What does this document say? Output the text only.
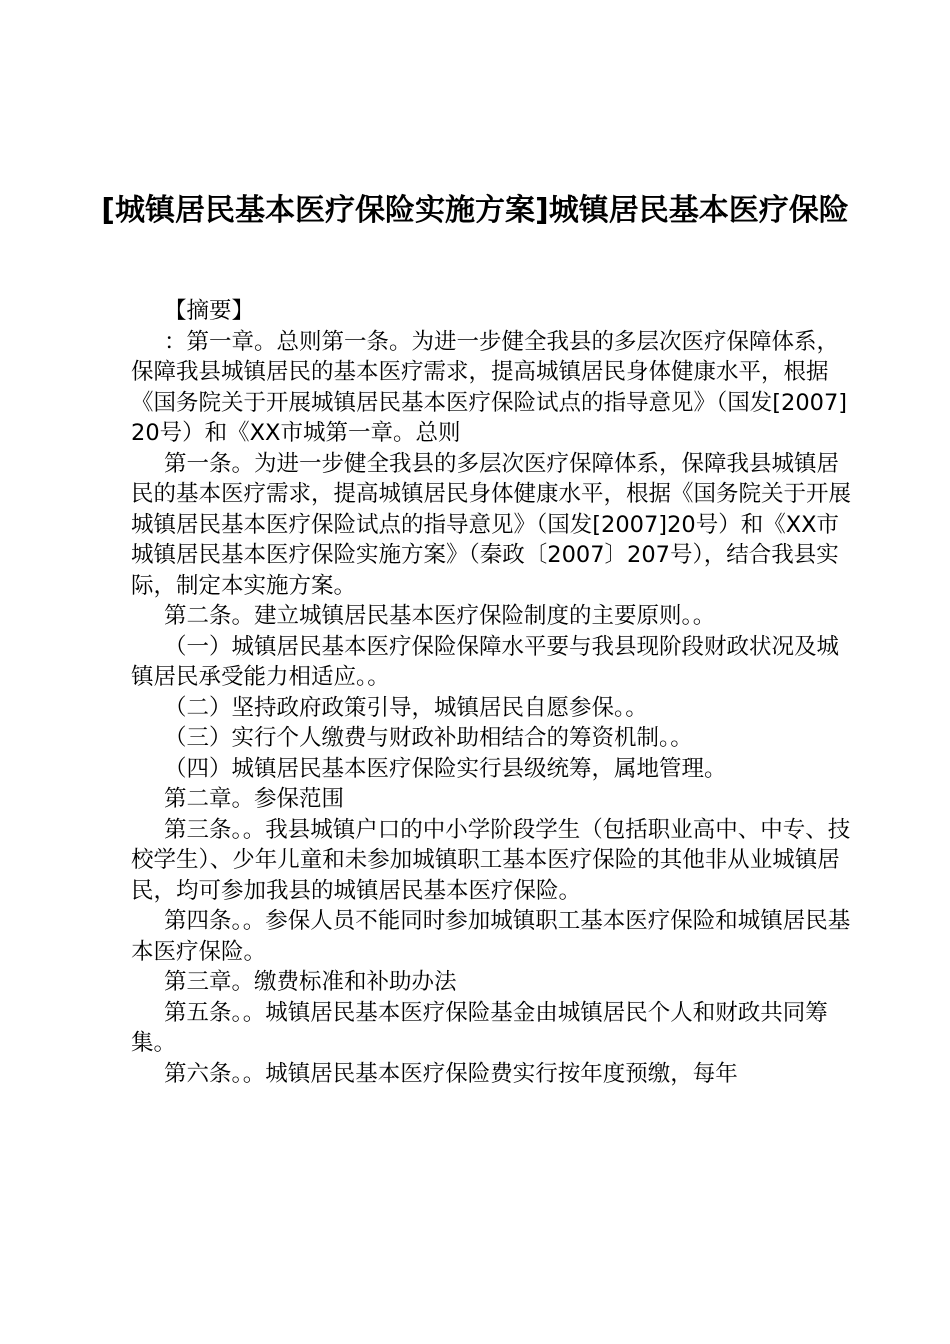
[城镇居民基本医疗保险实施方案]城镇居民基本医疗保险

【摘要】

：第一章。总则第一条。为进一步健全我县的多层次医疗保障体系，保障我县城镇居民的基本医疗需求，提高城镇居民身体健康水平，根据《国务院关于开展城镇居民基本医疗保险试点的指导意见》（国发[2007]20号）和《XX市城第一章。总则

第一条。为进一步健全我县的多层次医疗保障体系，保障我县城镇居民的基本医疗需求，提高城镇居民身体健康水平，根据《国务院关于开展城镇居民基本医疗保险试点的指导意见》（国发[2007]20号）和《XX市城镇居民基本医疗保险实施方案》（秦政〔2007〕207号），结合我县实际，制定本实施方案。

第二条。建立城镇居民基本医疗保险制度的主要原则。。

（一）城镇居民基本医疗保险保障水平要与我县现阶段财政状况及城镇居民承受能力相适应。。

（二）坚持政府政策引导，城镇居民自愿参保。。

（三）实行个人缴费与财政补助相结合的筹资机制。。

（四）城镇居民基本医疗保险实行县级统筹，属地管理。

第二章。参保范围

第三条。。我县城镇户口的中小学阶段学生（包括职业高中、中专、技校学生）、少年儿童和未参加城镇职工基本医疗保险的其他非从业城镇居民，均可参加我县的城镇居民基本医疗保险。

第四条。。参保人员不能同时参加城镇职工基本医疗保险和城镇居民基本医疗保险。

第三章。缴费标准和补助办法

第五条。。城镇居民基本医疗保险基金由城镇居民个人和财政共同筹集。

第六条。。城镇居民基本医疗保险费实行按年度预缴，每年
